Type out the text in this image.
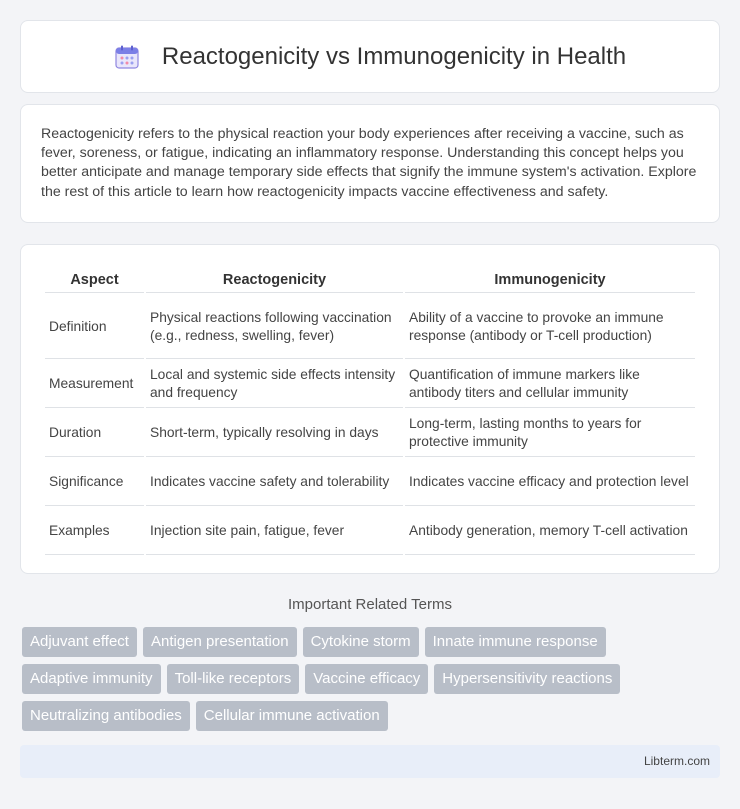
Reactogenicity vs Immunogenicity in Health

Reactogenicity refers to the physical reaction your body experiences after receiving a vaccine, such as fever, soreness, or fatigue, indicating an inflammatory response. Understanding this concept helps you better anticipate and manage temporary side effects that signify the immune system's activation. Explore the rest of this article to learn how reactogenicity impacts vaccine effectiveness and safety.

Aspect	Reactogenicity	Immunogenicity
Definition	Physical reactions following vaccination (e.g., redness, swelling, fever)	Ability of a vaccine to provoke an immune response (antibody or T-cell production)
Measurement	Local and systemic side effects intensity and frequency	Quantification of immune markers like antibody titers and cellular immunity
Duration	Short-term, typically resolving in days	Long-term, lasting months to years for protective immunity
Significance	Indicates vaccine safety and tolerability	Indicates vaccine efficacy and protection level
Examples	Injection site pain, fatigue, fever	Antibody generation, memory T-cell activation
Important Related Terms
Adjuvant effect	Antigen presentation	Cytokine storm	Innate immune response
Adaptive immunity	Toll-like receptors	Vaccine efficacy	Hypersensitivity reactions
Neutralizing antibodies	Cellular immune activation
Libterm.com
